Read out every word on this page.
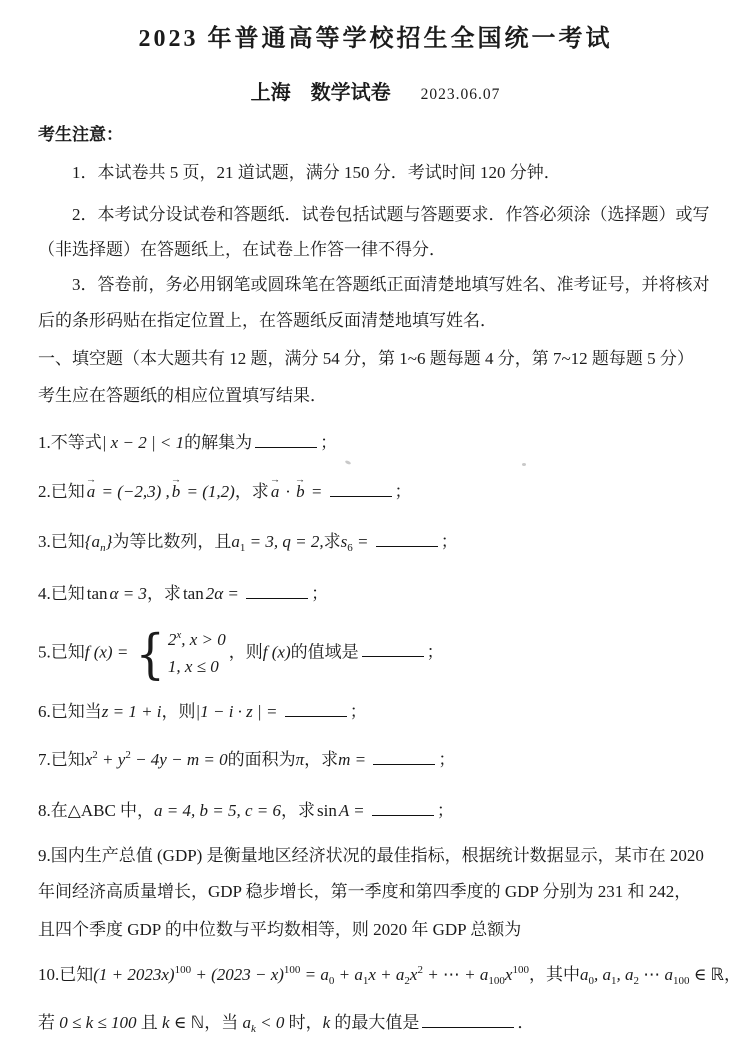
2023 年普通高等学校招生全国统一考试

上海　数学试卷 2023.06.07

考生注意：

1．本试卷共 5 页，21 道试题，满分 150 分．考试时间 120 分钟．

2．本考试分设试卷和答题纸．试卷包括试题与答题要求．作答必须涂（选择题）或写

（非选择题）在答题纸上，在试卷上作答一律不得分．

3．答卷前，务必用钢笔或圆珠笔在答题纸正面清楚地填写姓名、准考证号，并将核对

后的条形码贴在指定位置上，在答题纸反面清楚地填写姓名．

一、填空题（本大题共有 12 题，满分 54 分，第 1~6 题每题 4 分，第 7~12 题每题 5 分）

考生应在答题纸的相应位置填写结果．

1.不等式| x − 2 | < 1的解集为	；

2.已知 → a = (−2,3) , → b = (1,2)，求 → a · → b =	；

3.已知$\{a_n\}$为等比数列，且$a_1 = 3$, q = 2,求$s_6$ =	；

4.已知 tan α = 3，求 tan 2α =	；

5.已知f (x) = { 2$^x$, x > 0
1, x ≤ 0
，则f (x)的值域是	；

6.已知当z = 1 + i，则|1 − i · z | =	；

7.已知$x^2 + y^2 - 4y - m = 0$的面积为π，求m =	；

8.在△ABC 中，a = 4, b = 5, c = 6，求 sin A =	；

9.国内生产总值 (GDP) 是衡量地区经济状况的最佳指标，根据统计数据显示，某市在 2020

年间经济高质量增长，GDP 稳步增长，第一季度和第四季度的 GDP 分别为 231 和 242，

且四个季度 GDP 的中位数与平均数相等，则 2020 年 GDP 总额为

10.已知$(1 + 2023x)^{100} + (2023 - x)^{100} = a_0 + a_1x + a_2x^2$ + ⋯ + $a_{100}x^{100}$，其中$a_0$, $a_1$, $a_2$ ⋯ $a_{100}$ ∈ ℝ，

若 0 ≤ k ≤ 100 且 k ∈ ℕ，当 $a_k < 0$ 时，k 的最大值是	．
